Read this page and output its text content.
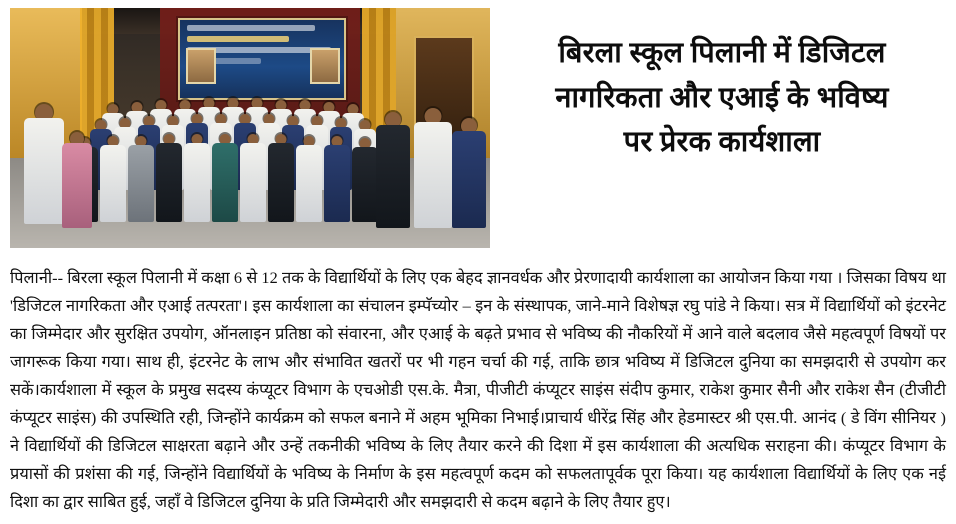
बिरला स्कूल पिलानी में डिजिटल
नागरिकता और एआई के भविष्य
पर प्रेरक कार्यशाला

पिलानी-- बिरला स्कूल पिलानी में कक्षा 6 से 12 तक के विद्यार्थियों के लिए एक बेहद ज्ञानवर्धक और प्रेरणादायी कार्यशाला का आयोजन किया गया । जिसका विषय था 'डिजिटल नागरिकता और एआई तत्परता'। इस कार्यशाला का संचालन इम्पॅच्योर – इन के संस्थापक, जाने-माने विशेषज्ञ रघु पांडे ने किया। सत्र में विद्यार्थियों को इंटरनेट का जिम्मेदार और सुरक्षित उपयोग, ऑनलाइन प्रतिष्ठा को संवारना, और एआई के बढ़ते प्रभाव से भविष्य की नौकरियों में आने वाले बदलाव जैसे महत्वपूर्ण विषयों पर जागरूक किया गया। साथ ही, इंटरनेट के लाभ और संभावित खतरों पर भी गहन चर्चा की गई, ताकि छात्र भविष्य में डिजिटल दुनिया का समझदारी से उपयोग कर सकें।कार्यशाला में स्कूल के प्रमुख सदस्य कंप्यूटर विभाग के एचओडी एस.के. मैत्रा, पीजीटी कंप्यूटर साइंस संदीप कुमार, राकेश कुमार सैनी और राकेश सैन (टीजीटी कंप्यूटर साइंस) की उपस्थिति रही, जिन्होंने कार्यक्रम को सफल बनाने में अहम भूमिका निभाई।प्राचार्य धीरेंद्र सिंह और हेडमास्टर श्री एस.पी. आनंद ( डे विंग सीनियर ) ने विद्यार्थियों की डिजिटल साक्षरता बढ़ाने और उन्हें तकनीकी भविष्य के लिए तैयार करने की दिशा में इस कार्यशाला की अत्यधिक सराहना की। कंप्यूटर विभाग के प्रयासों की प्रशंसा की गई, जिन्होंने विद्यार्थियों के भविष्य के निर्माण के इस महत्वपूर्ण कदम को सफलतापूर्वक पूरा किया। यह कार्यशाला विद्यार्थियों के लिए एक नई दिशा का द्वार साबित हुई, जहाँ वे डिजिटल दुनिया के प्रति जिम्मेदारी और समझदारी से कदम बढ़ाने के लिए तैयार हुए।
